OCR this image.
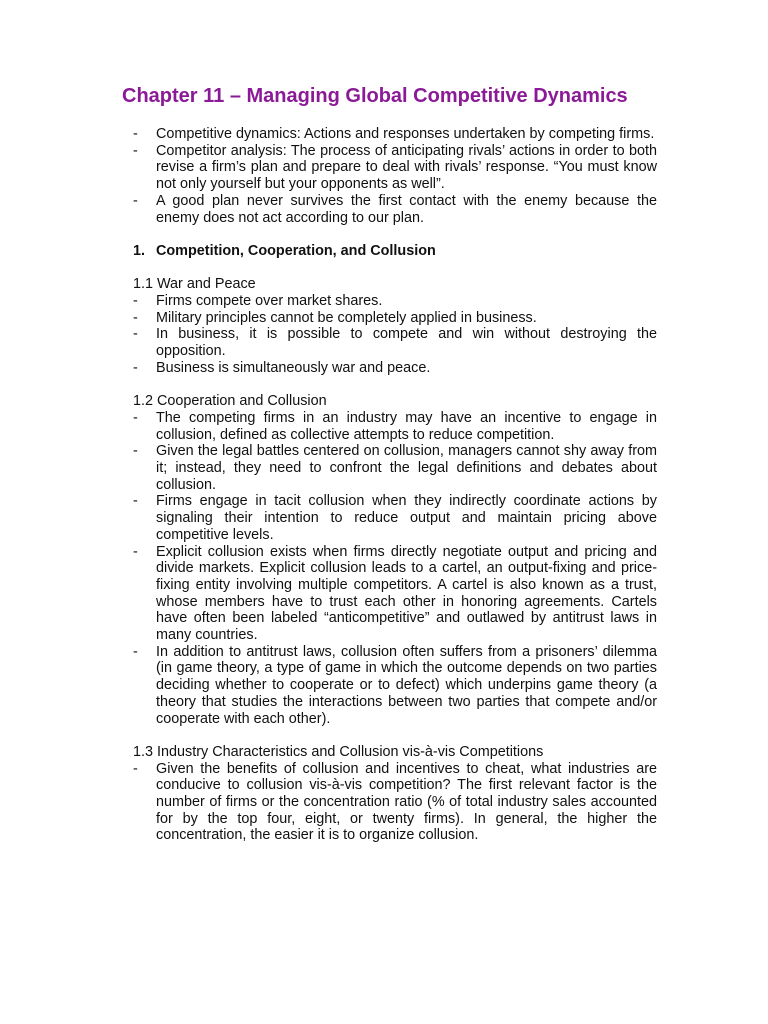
Chapter 11 – Managing Global Competitive Dynamics

- Competitive dynamics: Actions and responses undertaken by competing firms.

- Competitor analysis: The process of anticipating rivals’ actions in order to both revise a firm’s plan and prepare to deal with rivals’ response. “You must know not only yourself but your opponents as well”.

- A good plan never survives the first contact with the enemy because the enemy does not act according to our plan.

1. Competition, Cooperation, and Collusion

1.1 War and Peace

- Firms compete over market shares.

- Military principles cannot be completely applied in business.

- In business, it is possible to compete and win without destroying the opposition.

- Business is simultaneously war and peace.

1.2 Cooperation and Collusion

- The competing firms in an industry may have an incentive to engage in collusion, defined as collective attempts to reduce competition.

- Given the legal battles centered on collusion, managers cannot shy away from it; instead, they need to confront the legal definitions and debates about collusion.

- Firms engage in tacit collusion when they indirectly coordinate actions by signaling their intention to reduce output and maintain pricing above competitive levels.

- Explicit collusion exists when firms directly negotiate output and pricing and divide markets. Explicit collusion leads to a cartel, an output-fixing and price-fixing entity involving multiple competitors. A cartel is also known as a trust, whose members have to trust each other in honoring agreements. Cartels have often been labeled “anticompetitive” and outlawed by antitrust laws in many countries.

- In addition to antitrust laws, collusion often suffers from a prisoners’ dilemma (in game theory, a type of game in which the outcome depends on two parties deciding whether to cooperate or to defect) which underpins game theory (a theory that studies the interactions between two parties that compete and/or cooperate with each other).

1.3 Industry Characteristics and Collusion vis-à-vis Competitions

- Given the benefits of collusion and incentives to cheat, what industries are conducive to collusion vis-à-vis competition? The first relevant factor is the number of firms or the concentration ratio (% of total industry sales accounted for by the top four, eight, or twenty firms). In general, the higher the concentration, the easier it is to organize collusion.
